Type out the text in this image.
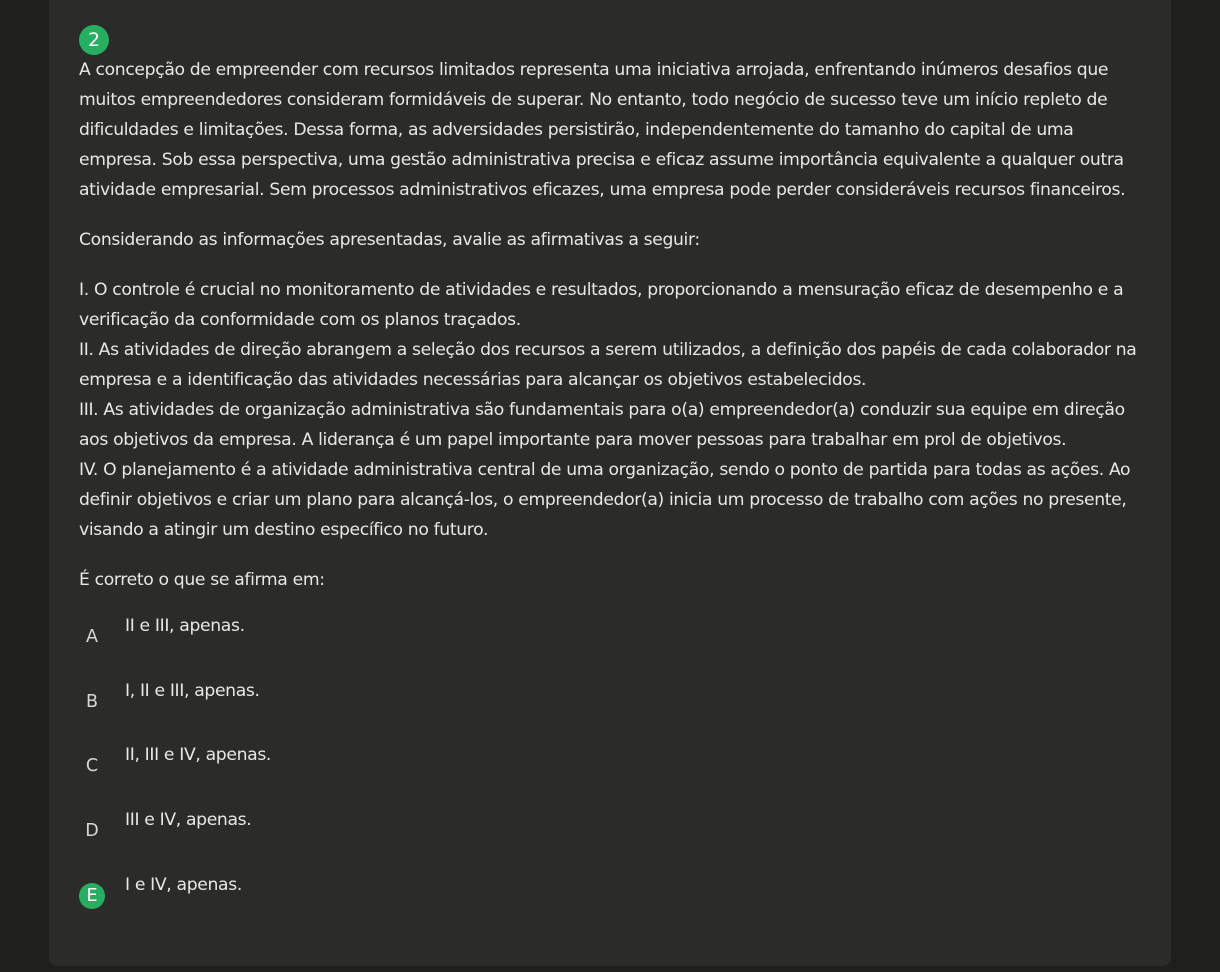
2

A concepção de empreender com recursos limitados representa uma iniciativa arrojada, enfrentando inúmeros desafios que muitos empreendedores consideram formidáveis de superar. No entanto, todo negócio de sucesso teve um início repleto de dificuldades e limitações. Dessa forma, as adversidades persistirão, independentemente do tamanho do capital de uma empresa. Sob essa perspectiva, uma gestão administrativa precisa e eficaz assume importância equivalente a qualquer outra atividade empresarial. Sem processos administrativos eficazes, uma empresa pode perder consideráveis recursos financeiros.

Considerando as informações apresentadas, avalie as afirmativas a seguir:

I. O controle é crucial no monitoramento de atividades e resultados, proporcionando a mensuração eficaz de desempenho e a verificação da conformidade com os planos traçados.

II. As atividades de direção abrangem a seleção dos recursos a serem utilizados, a definição dos papéis de cada colaborador na empresa e a identificação das atividades necessárias para alcançar os objetivos estabelecidos.

III. As atividades de organização administrativa são fundamentais para o(a) empreendedor(a) conduzir sua equipe em direção aos objetivos da empresa. A liderança é um papel importante para mover pessoas para trabalhar em prol de objetivos.

IV. O planejamento é a atividade administrativa central de uma organização, sendo o ponto de partida para todas as ações. Ao definir objetivos e criar um plano para alcançá-los, o empreendedor(a) inicia um processo de trabalho com ações no presente, visando a atingir um destino específico no futuro.

É correto o que se afirma em:

A
II e III, apenas.
B
I, II e III, apenas.
C
II, III e IV, apenas.
D
III e IV, apenas.
E
I e IV, apenas.
